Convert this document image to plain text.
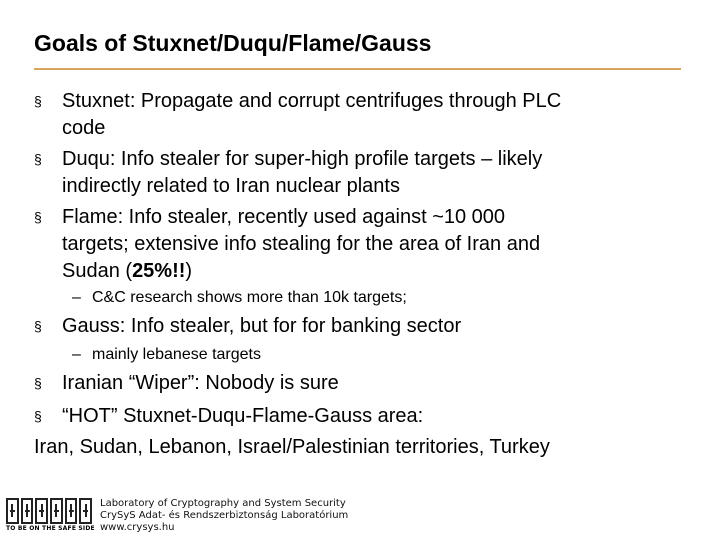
Goals of Stuxnet/Duqu/Flame/Gauss
§	Stuxnet: Propagate and corrupt centrifuges through PLC
code
§	Duqu: Info stealer for super-high profile targets – likely
indirectly related to Iran nuclear plants
§	Flame: Info stealer, recently used against ~10 000
targets; extensive info stealing for the area of Iran and
Sudan (25%!!)
– C&C research shows more than 10k targets;
§	Gauss: Info stealer, but for for banking sector
– mainly lebanese targets
§	Iranian “Wiper”: Nobody is sure
§	“HOT” Stuxnet-Duqu-Flame-Gauss area:
Iran, Sudan, Lebanon, Israel/Palestinian territories, Turkey
TO BE ON THE SAFE SIDE
Laboratory of Cryptography and System Security
CrySyS Adat- és Rendszerbiztonság Laboratórium
www.crysys.hu
